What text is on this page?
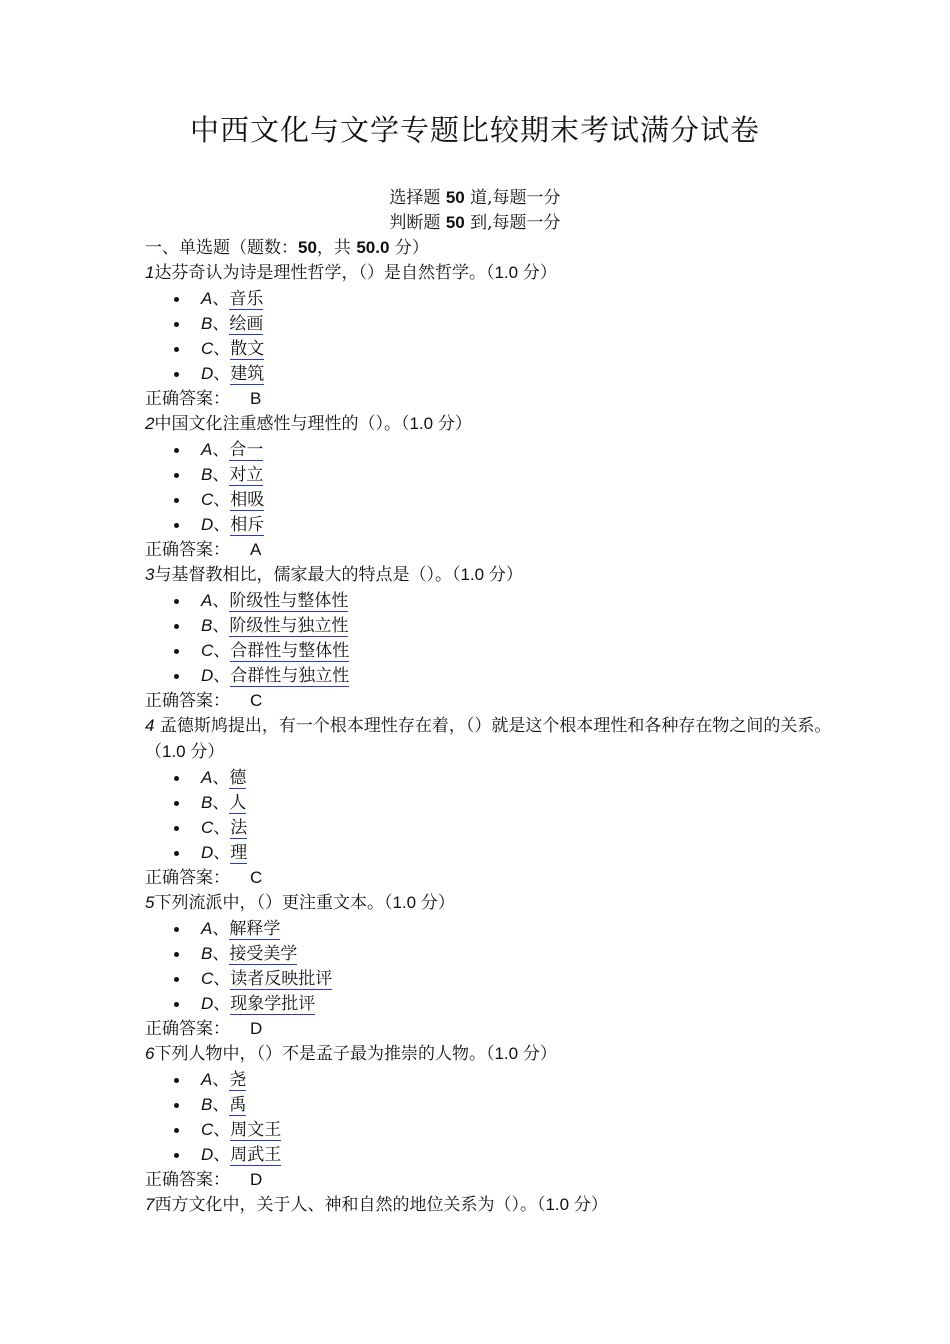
中西文化与文学专题比较期末考试满分试卷
选择题 50 道,每题一分
判断题 50 到,每题一分
一、单选题（题数：50，共 50.0 分）
1达芬奇认为诗是理性哲学，（）是自然哲学。（1.0 分）
A、音乐
B、绘画
C、散文
D、建筑
正确答案： B
2中国文化注重感性与理性的（）。（1.0 分）
A、合一
B、对立
C、相吸
D、相斥
正确答案： A
3与基督教相比，儒家最大的特点是（）。（1.0 分）
A、阶级性与整体性
B、阶级性与独立性
C、合群性与整体性
D、合群性与独立性
正确答案： C
4 孟德斯鸠提出，有一个根本理性存在着，（）就是这个根本理性和各种存在物之间的关系。（1.0 分）
A、德
B、人
C、法
D、理
正确答案： C
5下列流派中，（）更注重文本。（1.0 分）
A、解释学
B、接受美学
C、读者反映批评
D、现象学批评
正确答案： D
6下列人物中，（）不是孟子最为推崇的人物。（1.0 分）
A、尧
B、禹
C、周文王
D、周武王
正确答案： D
7西方文化中，关于人、神和自然的地位关系为（）。（1.0 分）
